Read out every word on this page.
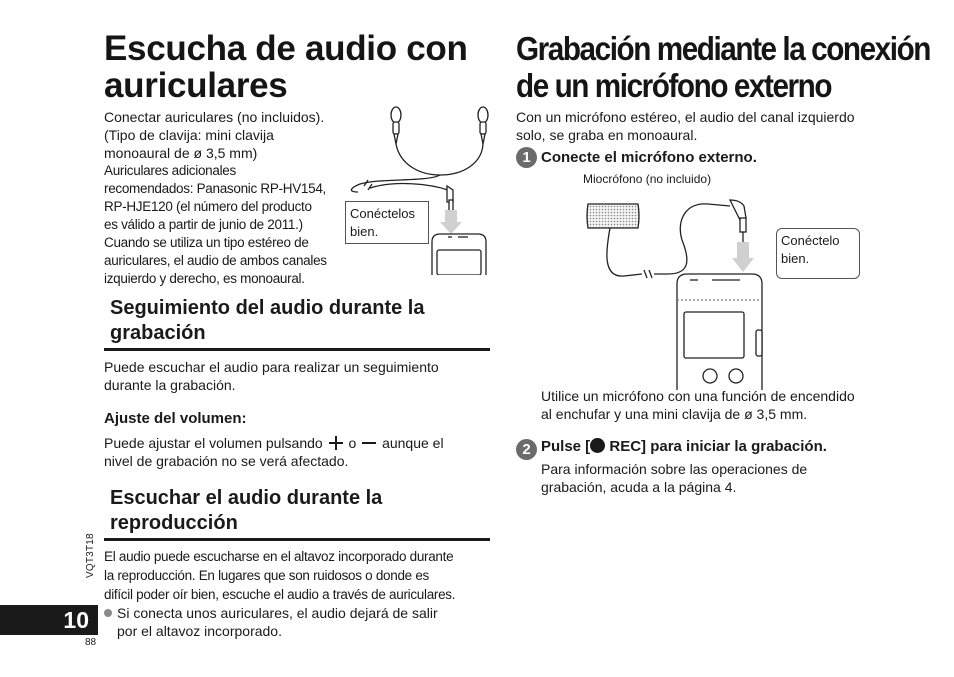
Escucha de audio con
auriculares
Conectar auriculares (no incluidos).
(Tipo de clavija: mini clavija
monoaural de ø 3,5 mm)
Auriculares adicionales
recomendados: Panasonic RP-HV154,
RP-HJE120 (el número del producto
es válido a partir de junio de 2011.)
Cuando se utiliza un tipo estéreo de
auriculares, el audio de ambos canales
izquierdo y derecho, es monoaural.
Conéctelos
bien.
Seguimiento del audio durante la
grabación
Puede escuchar el audio para realizar un seguimiento
durante la grabación.
Ajuste del volumen:
Puede ajustar el volumen pulsando o aunque el
nivel de grabación no se verá afectado.
Escuchar el audio durante la
reproducción
El audio puede escucharse en el altavoz incorporado durante
la reproducción. En lugares que son ruidosos o donde es
difícil poder oír bien, escuche el audio a través de auriculares.
Si conecta unos auriculares, el audio dejará de salir
por el altavoz incorporado.
VQT3T18
10
88
Grabación mediante la conexión
de un micrófono externo
Con un micrófono estéreo, el audio del canal izquierdo
solo, se graba en monoaural.
1 Conecte el micrófono externo.
Miocrófono (no incluido)
Conéctelo
bien.
Utilice un micrófono con una función de encendido
al enchufar y una mini clavija de ø 3,5 mm.
2 Pulse [ REC] para iniciar la grabación.
Para información sobre las operaciones de
grabación, acuda a la página 4.
